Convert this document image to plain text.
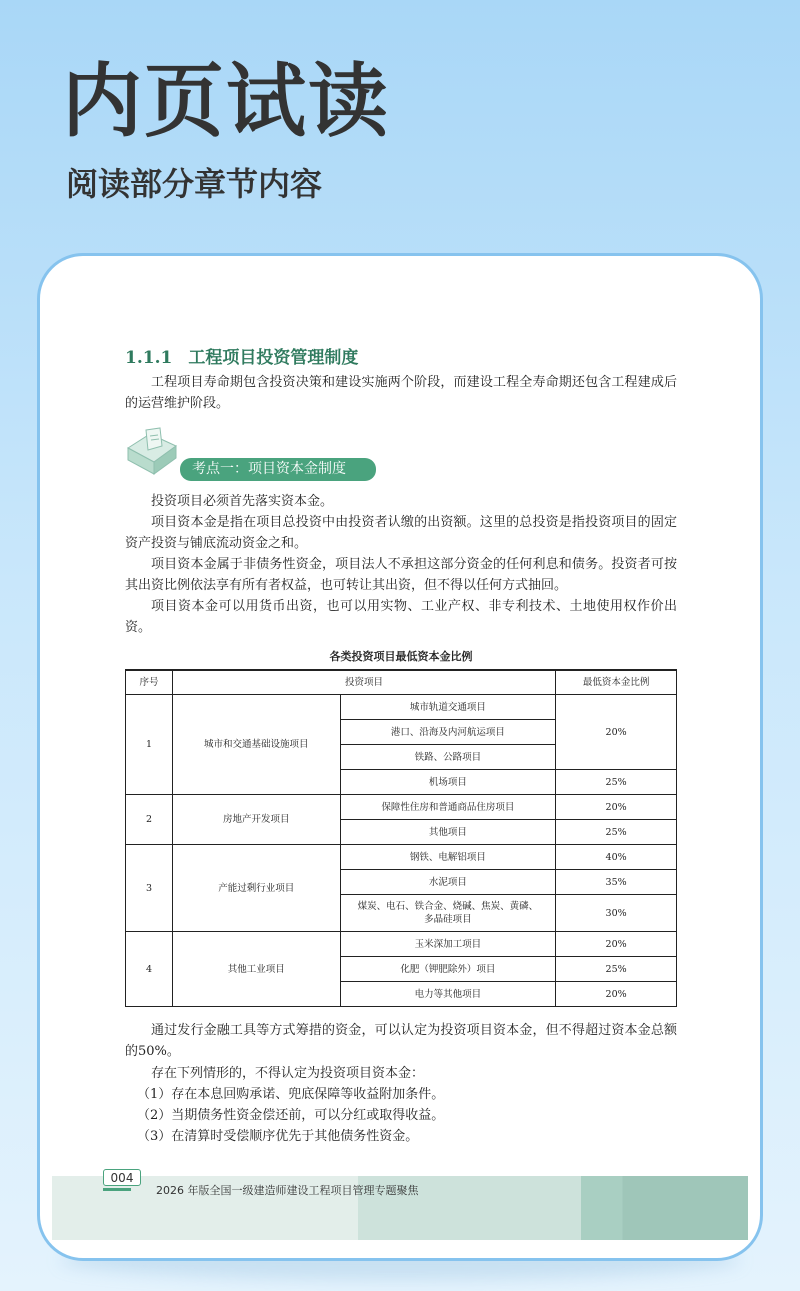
内页试读

阅读部分章节内容

1.1.1 工程项目投资管理制度

工程项目寿命期包含投资决策和建设实施两个阶段，而建设工程全寿命期还包含工程建成后的运营维护阶段。

考点一：项目资本金制度

投资项目必须首先落实资本金。

项目资本金是指在项目总投资中由投资者认缴的出资额。这里的总投资是指投资项目的固定资产投资与铺底流动资金之和。

项目资本金属于非债务性资金，项目法人不承担这部分资金的任何利息和债务。投资者可按其出资比例依法享有所有者权益，也可转让其出资，但不得以任何方式抽回。

项目资本金可以用货币出资，也可以用实物、工业产权、非专利技术、土地使用权作价出资。

各类投资项目最低资本金比例

序号	投资项目		最低资本金比例
1	城市和交通基础设施项目	城市轨道交通项目	20%
		港口、沿海及内河航运项目	
		铁路、公路项目	
		机场项目	25%
2	房地产开发项目	保障性住房和普通商品住房项目	20%
		其他项目	25%
3	产能过剩行业项目	钢铁、电解铝项目	40%
		水泥项目	35%
		煤炭、电石、铁合金、烧碱、焦炭、黄磷、
多晶硅项目	30%
4	其他工业项目	玉米深加工项目	20%
		化肥（钾肥除外）项目	25%
		电力等其他项目	20%

通过发行金融工具等方式筹措的资金，可以认定为投资项目资本金，但不得超过资本金总额的50%。

存在下列情形的，不得认定为投资项目资本金：

（1）存在本息回购承诺、兜底保障等收益附加条件。

（2）当期债务性资金偿还前，可以分红或取得收益。

（3）在清算时受偿顺序优先于其他债务性资金。

004

2026 年版全国一级建造师建设工程项目管理专题聚焦
